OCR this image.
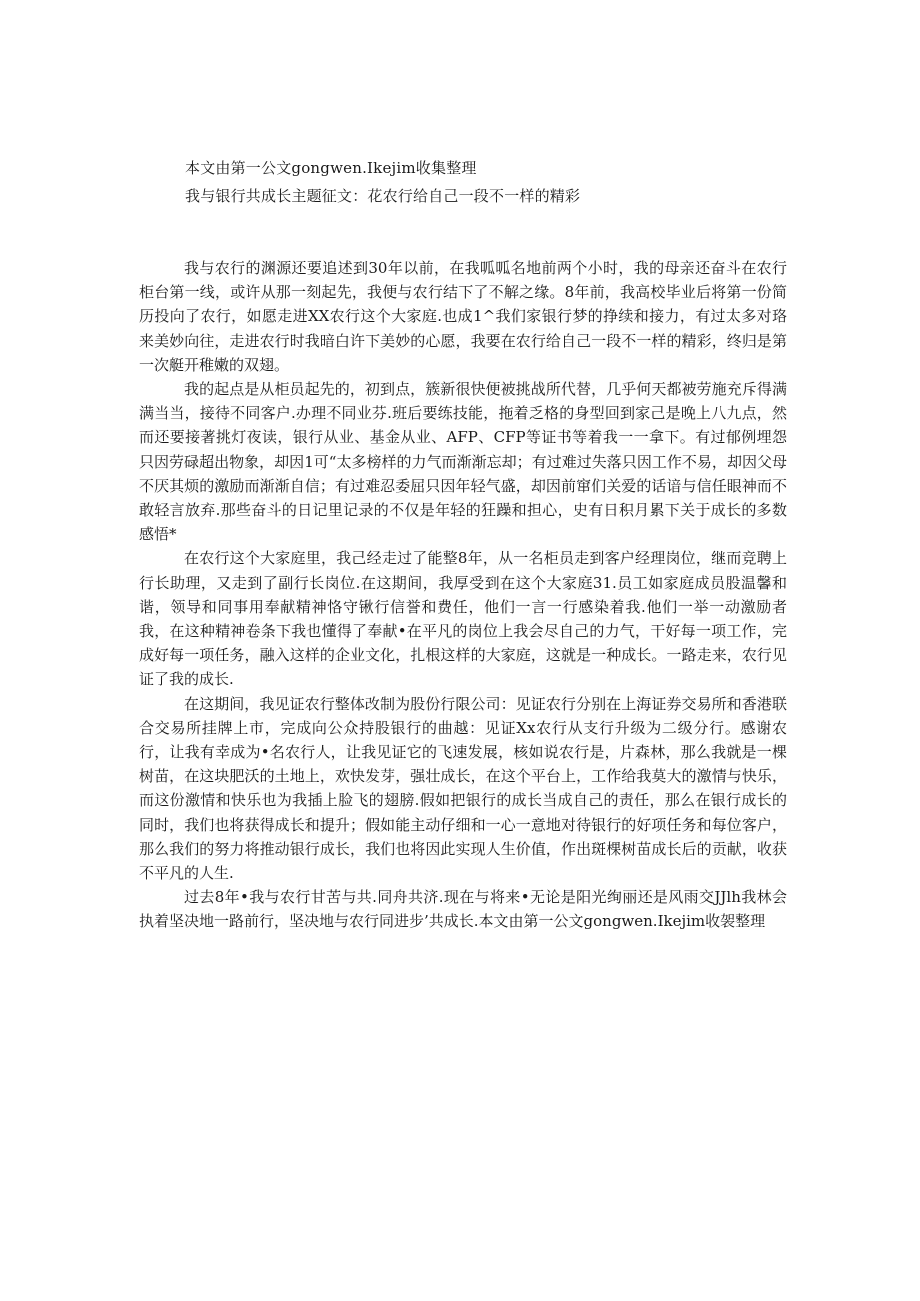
本文由第一公文gongwen.Ikejim收集整理
我与银行共成长主题征文：花农行给自己一段不一样的精彩

我与农行的渊源还要追述到30年以前，在我呱呱名地前两个小时，我的母亲还奋斗在农行柜台第一线，或许从那一刻起先，我便与农行结下了不解之缘。8年前，我高校毕业后将第一份简历投向了农行，如愿走进XX农行这个大家庭.也成1^我们家银行梦的挣续和接力，有过太多对珞来美妙向往，走进农行时我暗白许下美妙的心愿，我要在农行给自己一段不一样的精彩，终归是第一次艇开稚嫩的双翅。

我的起点是从柜员起先的，初到点，簇新很快便被挑战所代替，几乎何天都被劳施充斥得满满当当，接待不同客户.办理不同业芬.班后要练技能，拖着乏格的身型回到家己是晚上八九点，然而还要接著挑灯夜读，银行从业、基金从业、AFP、CFP等证书等着我一一拿下。有过郁例埋怨只因劳碌超出物象，却因1可“太多榜样的力气而渐渐忘却；有过难过失落只因工作不易，却因父母不厌其烦的激励而渐渐自信；有过难忍委屈只因年轻气盛，却因前窜们关爱的话谙与信任眼神而不敢轻言放弃.那些奋斗的日记里记录的不仅是年轻的狂躁和担心，史有日积月累下关于成长的多数感悟*

在农行这个大家庭里，我己经走过了能整8年，从一名柜员走到客户经理岗位，继而竞聘上行长助理，又走到了副行长岗位.在这期间，我厚受到在这个大家庭31.员工如家庭成员股温馨和谐，领导和同事用奉献精神恪守锹行信誉和费任，他们一言一行感染着我.他们一举一动激励者我，在这种精神卷条下我也懂得了奉献•在平凡的岗位上我会尽自己的力气，干好每一项工作，完成好每一项任务，融入这样的企业文化，扎根这样的大家庭，这就是一种成长。一路走来，农行见证了我的成长.

在这期间，我见证农行整体改制为股份行限公司：见证农行分别在上海证券交易所和香港联合交易所挂牌上市，完成向公众持股银行的曲越：见证Xx农行从支行升级为二级分行。感谢农行，让我有幸成为•名农行人，让我见证它的飞速发展，核如说农行是，片森林，那么我就是一棵树苗，在这块肥沃的土地上，欢快发芽，强壮成长，在这个平台上，工作给我莫大的激情与快乐，而这份激情和快乐也为我插上脸飞的翅膀.假如把银行的成长当成自己的责任，那么在银行成长的同时，我们也将获得成长和提升；假如能主动仔细和一心一意地对待银行的好项任务和每位客户，那么我们的努力将推动银行成长，我们也将因此实现人生价值，作出斑棵树苗成长后的贡献，收获不平凡的人生.

过去8年•我与农行甘苦与共.同舟共济.现在与将来•无论是阳光绚丽还是风雨交JJlh我林会执着坚决地一路前行，坚决地与农行同进步’共成长.本文由第一公文gongwen.Ikejim收袈整理
